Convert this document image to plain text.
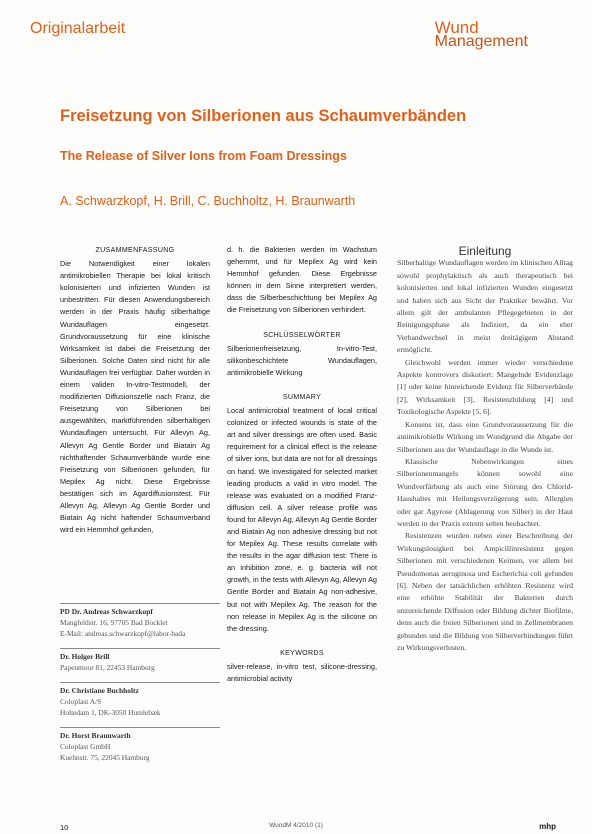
Originalarbeit	Wund
Management
Freisetzung von Silberionen aus Schaumverbänden
The Release of Silver Ions from Foam Dressings
A. Schwarzkopf, H. Brill, C. Buchholtz, H. Braunwarth
ZUSAMMENFASSUNG
Die Notwendigkeit einer lokalen antimikrobiellen Therapie bei lokal kritisch kolonisierten und infizierten Wunden ist unbestritten. Für diesen Anwendungsbereich werden in der Praxis häufig silberhaltige Wundauflagen eingesetzt. Grundvoraussetzung für eine klinische Wirksamkeit ist dabei die Freisetzung der Silberionen. Solche Daten sind nicht für alle Wundauflagen frei verfügbar. Daher wurden in einem validen In-vitro-Testmodell, der modifizierten Diffusionszelle nach Franz, die Freisetzung von Silberionen bei ausgewählten, marktführenden silberhaltigen Wundauflagen untersucht. Für Allevyn Ag, Allevyn Ag Gentle Border und Biatain Ag nichthaftender Schaumverbände wurde eine Freisetzung von Silberionen gefunden, für Mepilex Ag nicht. Diese Ergebnisse bestätigen sich im Agardiffusionstest. Für Allevyn Ag, Allevyn Ag Gentle Border und Biatain Ag nicht haftender Schaumverband wird ein Hemmhof gefunden,
d. h. die Bakterien werden im Wachstum gehemmt, und für Mepilex Ag wird kein Hemmhof gefunden. Diese Ergebnisse können in dem Sinne interpretiert werden, dass die Silberbeschichtung bei Mepilex Ag die Freisetzung von Silberionen verhindert.
SCHLÜSSELWÖRTER
Silberionenfreisetzung, In-vitro-Test, silikonbeschichtete Wundauflagen, antimikrobielle Wirkung
SUMMARY
Local antimicrobial treatment of local critical colonized or infected wounds is state of the art and silver dressings are often used. Basic requirement for a clinical effect is the release of silver ions, but data are not for all dressings on hand. We investigated for selected market leading products a valid in vitro model. The release was evaluated on a modified Franz-diffusion cell. A silver release profile was found for Allevyn Ag, Allevyn Ag Gentle Border and Biatain Ag non adhesive dressing but not for Mepilex Ag. These results correlate with the results in the agar diffusion test: There is an inhibition zone, e. g. bacteria will not growth, in the tests with Allevyn Ag, Allevyn Ag Gentle Border and Biatain Ag non-adhesive, but not with Mepilex Ag. The reason for the non release in Mepilex Ag is the silicone on the dressing.
KEYWORDS
silver-release, in-vitro test, silicone-dressing, antimicrobial activity
Einleitung
Silberhaltige Wundauflagen werden im klinischen Alltag sowohl prophylaktisch als auch therapeutisch bei kolonisierten und lokal infizierten Wunden eingesetzt und haben sich aus Sicht der Praktiker bewährt. Vor allem gilt der ambulanten Pflegegebieten in der Reinigungsphase als Indiziert, da ein eher Verbandwechsel in meist dreitägigem Abstand ermöglicht.
Gleichwohl werden immer wieder verschiedene Aspekte kontrovers diskutiert: Mangelnde Evidenzlage [1] oder keine hinreichende Evidenz für Silberverbände [2], Wirksamkeit [3], Resistenzbildung [4] und Toxikologische Aspekte [5, 6].
Konsens ist, dass eine Grundvoraussetzung für die antimikrobielle Wirkung im Wundgrund die Abgabe der Silberionen aus der Wundauflage in die Wunde ist.
Klassische Nebenwirkungen eines Silberionenmangels können sowohl eine Wundverfärbung als auch eine Störung des Chlorid-Haushaltes mit Heilungsverzögerung sein. Allergien oder gar Agyrose (Ablagerung von Silber) in der Haut werden in der Praxis extrem selten beobachtet.
Resistenzen wurden neben einer Beschreibung der Wirkungslosigkeit bei Ampicillinresistenz gegen Silberionen mit verschiedenen Keimen, vor allem bei Pseudomonas aeruginosa und Escherichia coli gefunden [6]. Neben der tatsächlichen erhöhten Resistenz wird eine erhöhte Stabilität der Bakterien durch unzureichende Diffusion oder Bildung dichter Biofilme, denn auch die freien Silberionen sind in Zellmembranen gebunden und die Bildung von Silberverbindungen führt zu Wirkungsverlusten.
PD Dr. Andreas Schwarzkopf
Mangfeldstr. 16, 97705 Bad Bocklet
E-Mail: andreas.schwarzkopf@labor-bada
Dr. Holger Brill
Papenmoor 81, 22453 Hamburg
Dr. Christiane Buchholtz
Coloplast A/S
Holtedam 1, DK-3050 Humlebæk
Dr. Horst Braunwarth
Coloplast GmbH
Kuehnstr. 75, 22045 Hamburg
10	WundM 4/2010 (1)	mhp
